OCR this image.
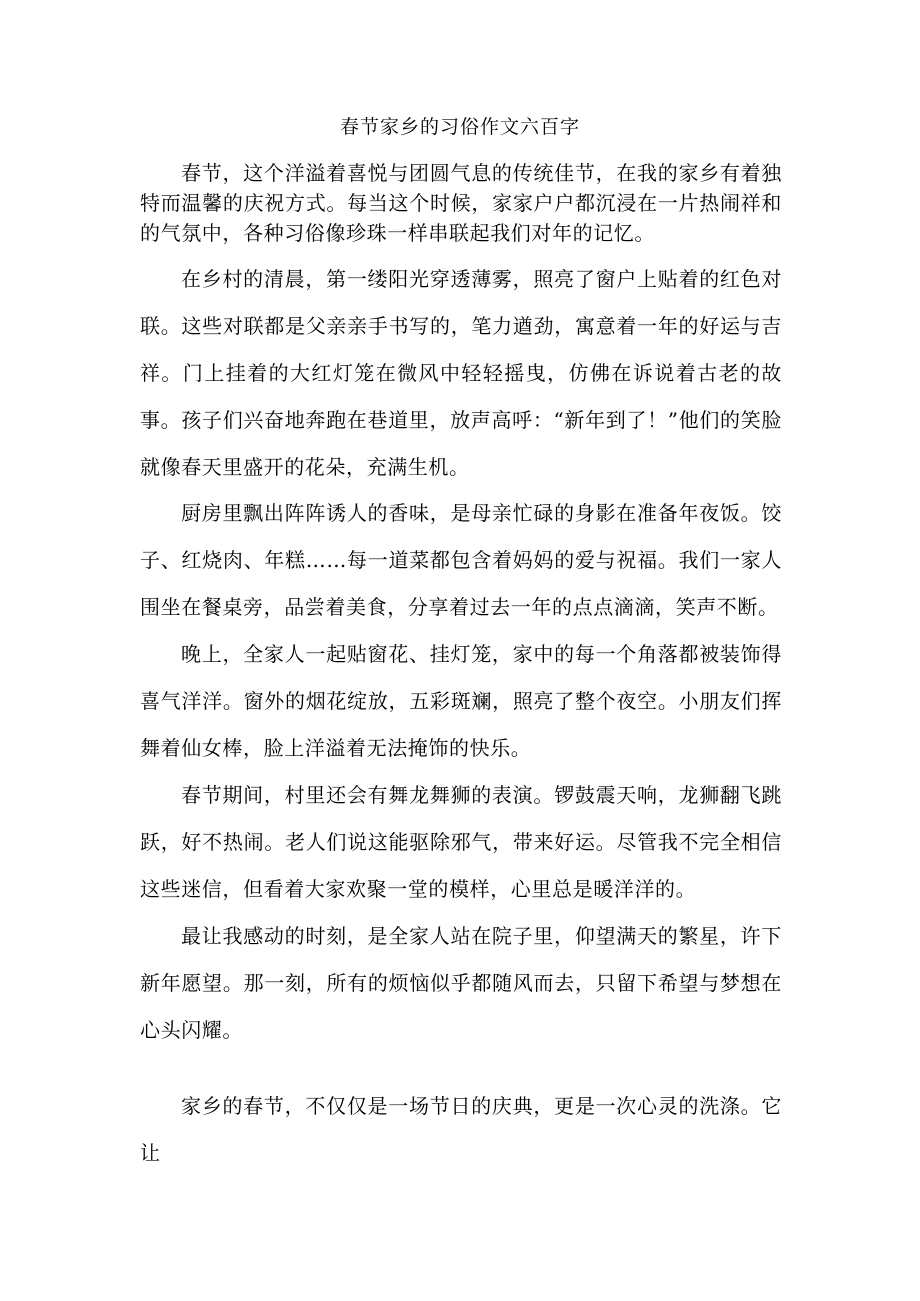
春节家乡的习俗作文六百字

春节，这个洋溢着喜悦与团圆气息的传统佳节，在我的家乡有着独特而温馨的庆祝方式。每当这个时候，家家户户都沉浸在一片热闹祥和的气氛中，各种习俗像珍珠一样串联起我们对年的记忆。

在乡村的清晨，第一缕阳光穿透薄雾，照亮了窗户上贴着的红色对联。这些对联都是父亲亲手书写的，笔力遒劲，寓意着一年的好运与吉祥。门上挂着的大红灯笼在微风中轻轻摇曳，仿佛在诉说着古老的故事。孩子们兴奋地奔跑在巷道里，放声高呼：“新年到了！”他们的笑脸就像春天里盛开的花朵，充满生机。

厨房里飘出阵阵诱人的香味，是母亲忙碌的身影在准备年夜饭。饺子、红烧肉、年糕……每一道菜都包含着妈妈的爱与祝福。我们一家人围坐在餐桌旁，品尝着美食，分享着过去一年的点点滴滴，笑声不断。

晚上，全家人一起贴窗花、挂灯笼，家中的每一个角落都被装饰得喜气洋洋。窗外的烟花绽放，五彩斑斓，照亮了整个夜空。小朋友们挥舞着仙女棒，脸上洋溢着无法掩饰的快乐。

春节期间，村里还会有舞龙舞狮的表演。锣鼓震天响，龙狮翻飞跳跃，好不热闹。老人们说这能驱除邪气，带来好运。尽管我不完全相信这些迷信，但看着大家欢聚一堂的模样，心里总是暖洋洋的。

最让我感动的时刻，是全家人站在院子里，仰望满天的繁星，许下新年愿望。那一刻，所有的烦恼似乎都随风而去，只留下希望与梦想在心头闪耀。

家乡的春节，不仅仅是一场节日的庆典，更是一次心灵的洗涤。它让
